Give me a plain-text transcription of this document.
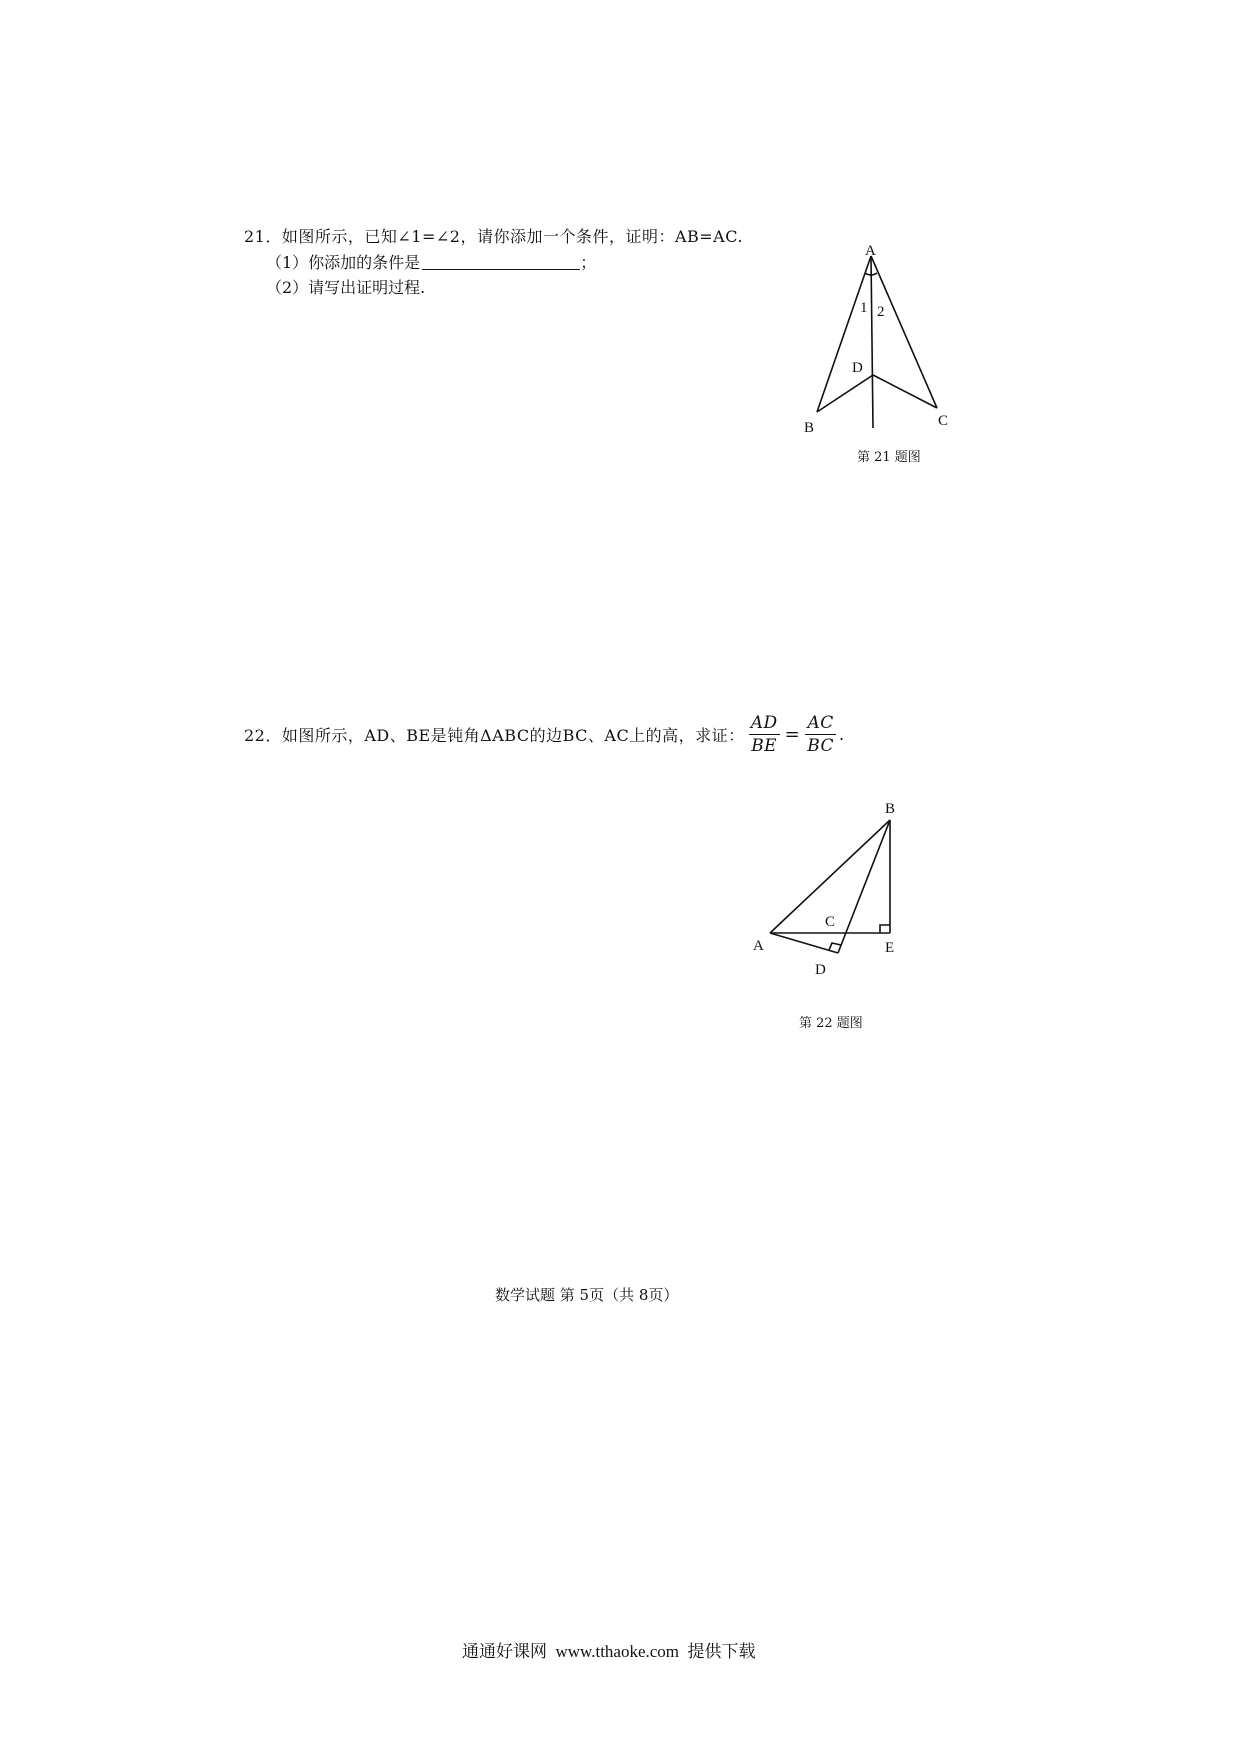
21．如图所示，已知∠1=∠2，请你添加一个条件，证明：AB=AC.
（1）你添加的条件是	；
（2）请写出证明过程.
A
1 2
D
B	C
第 21 题图
22．如图所示，AD、BE是钝角ΔABC的边BC、AC上的高，求证： $\frac{AD}{BE} = \frac{AC}{BC}$ .
B
C
A	E
D
第 22 题图
数学试题 第 5页（共 8页）
通通好课网  www.tthaoke.com  提供下载
